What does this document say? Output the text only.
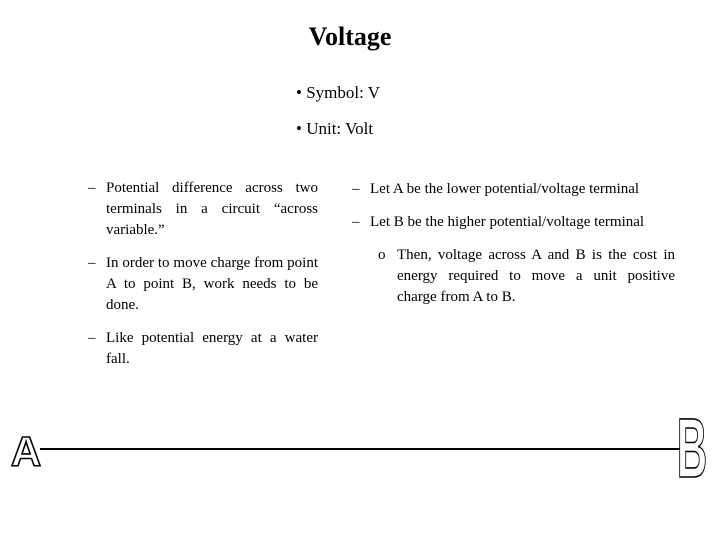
Voltage
• Symbol: V
• Unit: Volt
– Potential difference across two terminals in a circuit “across variable.”
– In order to move charge from point A to point B, work needs to be done.
– Like potential energy at a water fall.
– Let A be the lower potential/voltage terminal
– Let B be the higher potential/voltage terminal
o Then, voltage across A and B is the cost in energy required to move a unit positive charge from A to B.
A	B
